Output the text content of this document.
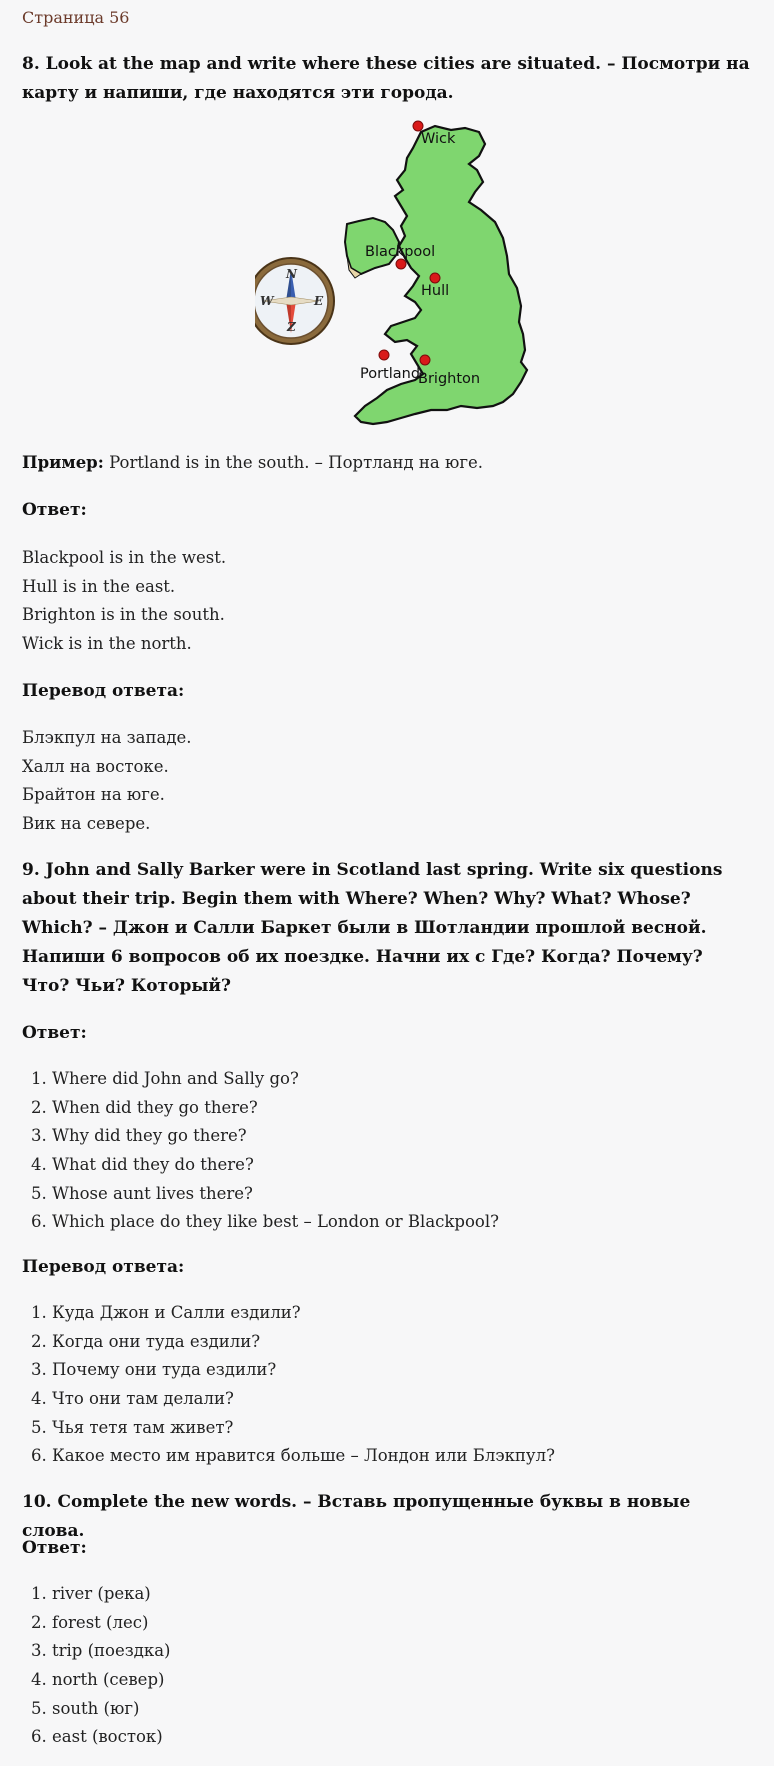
Страница 56
8. Look at the map and write where these cities are situated. – Посмотри на карту и напиши, где находятся эти города.
Wick
Blackpool
Hull
Portland
Brighton
N
W	E
Z
Пример: Portland is in the south. – Портланд на юге.
Ответ:
Blackpool is in the west.
Hull is in the east.
Brighton is in the south.
Wick is in the north.
Перевод ответа:
Блэкпул на западе.
Халл на востоке.
Брайтон на юге.
Вик на севере.
9. John and Sally Barker were in Scotland last spring. Write six questions about their trip. Begin them with Where? When? Why? What? Whose? Which? – Джон и Салли Баркет были в Шотландии прошлой весной. Напиши 6 вопросов об их поездке. Начни их с Где? Когда? Почему? Что? Чьи? Который?
Ответ:
1. Where did John and Sally go?
2. When did they go there?
3. Why did they go there?
4. What did they do there?
5. Whose aunt lives there?
6. Which place do they like best – London or Blackpool?
Перевод ответа:
1. Куда Джон и Салли ездили?
2. Когда они туда ездили?
3. Почему они туда ездили?
4. Что они там делали?
5. Чья тетя там живет?
6. Какое место им нравится больше – Лондон или Блэкпул?
10. Complete the new words. – Вставь пропущенные буквы в новые слова.
Ответ:
1. river (река)
2. forest (лес)
3. trip (поездка)
4. north (север)
5. south (юг)
6. east (восток)
